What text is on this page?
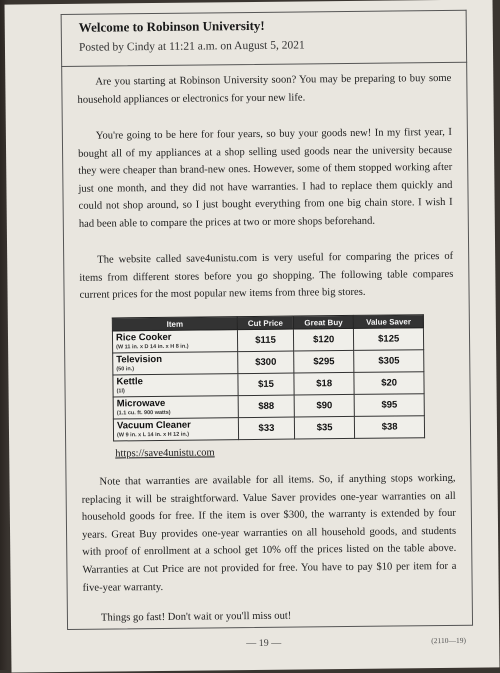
Welcome to Robinson University!
Posted by Cindy at 11:21 a.m. on August 5, 2021

Are you starting at Robinson University soon? You may be preparing to buy some household appliances or electronics for your new life.

You're going to be here for four years, so buy your goods new! In my first year, I bought all of my appliances at a shop selling used goods near the university because they were cheaper than brand-new ones. However, some of them stopped working after just one month, and they did not have warranties. I had to replace them quickly and could not shop around, so I just bought everything from one big chain store. I wish I had been able to compare the prices at two or more shops beforehand.

The website called save4unistu.com is very useful for comparing the prices of items from different stores before you go shopping. The following table compares current prices for the most popular new items from three big stores.

Item	Cut Price	Great Buy	Value Saver

Rice Cooker
(W 11 in. x D 14 in. x H 8 in.)	$115	$120	$125

Television
(50 in.)	$300	$295	$305

Kettle
(1l)	$15	$18	$20

Microwave
(1.1 cu. ft. 900 watts)	$88	$90	$95

Vacuum Cleaner
(W 9 in. x L 14 in. x H 12 in.)	$33	$35	$38
https://save4unistu.com

Note that warranties are available for all items. So, if anything stops working, replacing it will be straightforward. Value Saver provides one-year warranties on all household goods for free. If the item is over $300, the warranty is extended by four years. Great Buy provides one-year warranties on all household goods, and students with proof of enrollment at a school get 10% off the prices listed on the table above. Warranties at Cut Price are not provided for free. You have to pay $10 per item for a five-year warranty.

Things go fast! Don't wait or you'll miss out!

— 19 —	(2110—19)
